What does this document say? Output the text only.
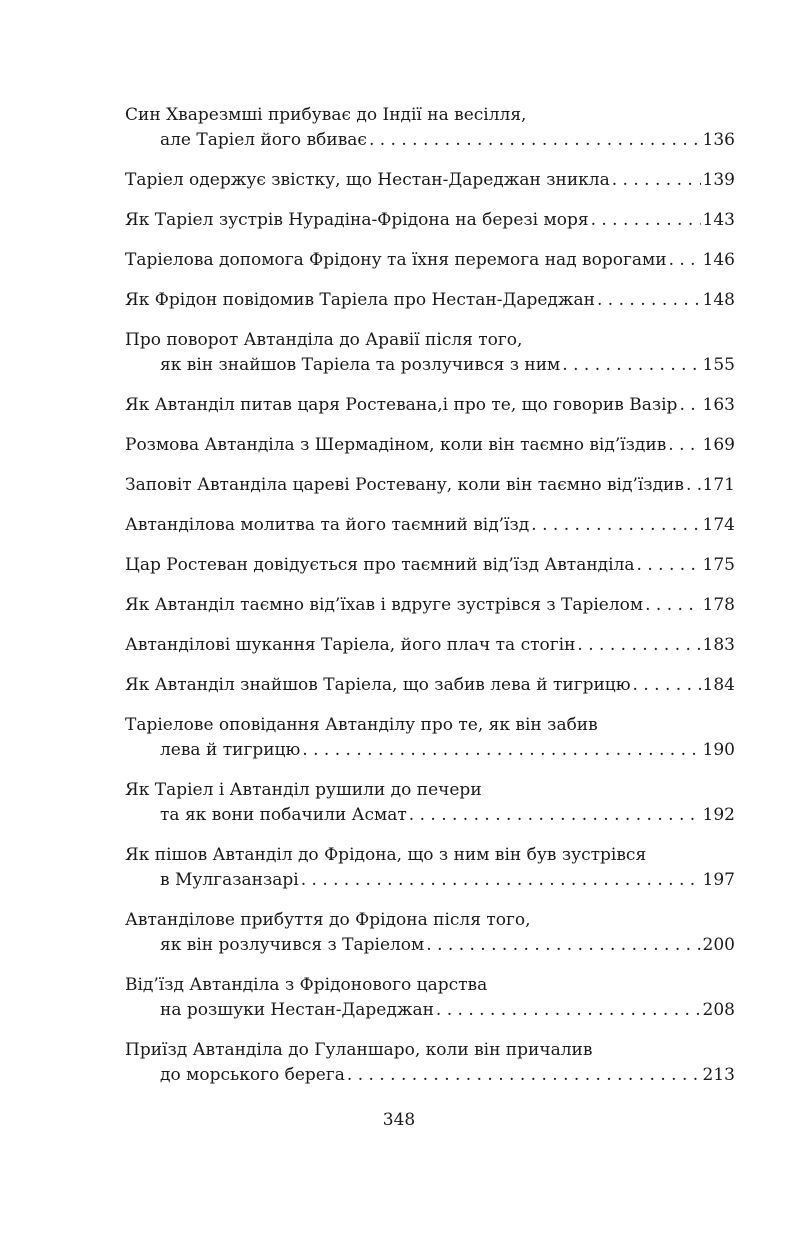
Син Хварезмші прибуває до Індії на весілля,
але Таріел його вбиває . . .	136
Таріел одержує звістку, що Нестан-Дареджан зникла . . .	139
Як Таріел зустрів Нурадіна-Фрідона на березі моря . . .	143
Таріелова допомога Фрідону та їхня перемога над ворогами . . . 146
Як Фрідон повідомив Таріела про Нестан-Дареджан . . .	148
Про поворот Автанділа до Аравії після того,
як він знайшов Таріела та розлучився з ним . . .	155
Як Автанділ питав царя Ростевана,і про те, що говорив Вазір . . . 163
Розмова Автанділа з Шермадіном, коли він таємно від’їздив . . . 169
Заповіт Автанділа цареві Ростевану, коли він таємно від’їздив . . . 171
Автанділова молитва та його таємний від’їзд . . .	174
Цар Ростеван довідується про таємний від’їзд Автанділа . . .	175
Як Автанділ таємно від’їхав і вдруге зустрівся з Таріелом . . .	178
Автанділові шукання Таріела, його плач та стогін . . .	183
Як Автанділ знайшов Таріела, що забив лева й тигрицю . . .	184
Таріелове оповідання Автанділу про те, як він забив
лева й тигрицю . . .	190
Як Таріел і Автанділ рушили до печери
та як вони побачили Асмат . . .	192
Як пішов Автанділ до Фрідона, що з ним він був зустрівся
в Мулгазанзарі . . .	197
Автанділове прибуття до Фрідона після того,
як він розлучився з Таріелом . . .	200
Від’їзд Автанділа з Фрідонового царства
на розшуки Нестан-Дареджан . . .	208
Приїзд Автанділа до Гуланшаро, коли він причалив
до морського берега . . .	213
348
